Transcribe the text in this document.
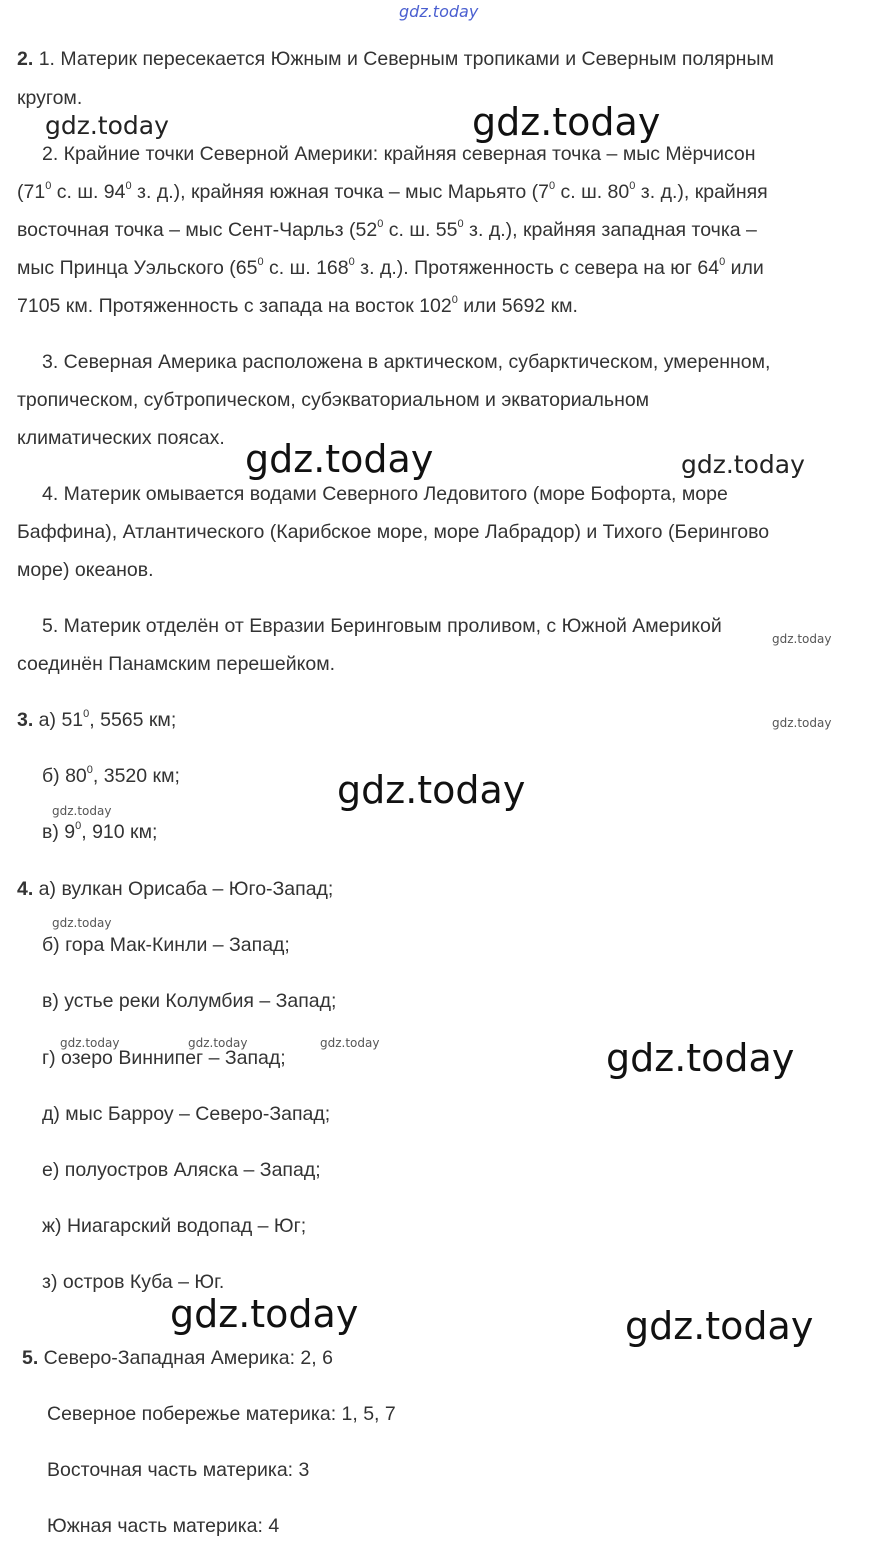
gdz.today
gdz.today	gdz.today
gdz.today	gdz.today
gdz.today
gdz.today
gdz.today
gdz.today
gdz.today
gdz.today	gdz.today	gdz.today	gdz.today
gdz.today	gdz.today
2. 1. Материк пересекается Южным и Северным тропиками и Северным полярным
кругом.
2. Крайние точки Северной Америки: крайняя северная точка – мыс Мёрчисон
($71^0$ с. ш. $94^0$ з. д.), крайняя южная точка – мыс Марьято ($7^0$ с. ш. $80^0$ з. д.), крайняя
восточная точка – мыс Сент-Чарльз ($52^0$ с. ш. $55^0$ з. д.), крайняя западная точка –
мыс Принца Уэльского ($65^0$ с. ш. $168^0$ з. д.). Протяженность с севера на юг $64^0$ или
7105 км. Протяженность с запада на восток $102^0$ или 5692 км.
3. Северная Америка расположена в арктическом, субарктическом, умеренном,
тропическом, субтропическом, субэкваториальном и экваториальном
климатических поясах.
4. Материк омывается водами Северного Ледовитого (море Бофорта, море
Баффина), Атлантического (Карибское море, море Лабрадор) и Тихого (Берингово
море) океанов.
5. Материк отделён от Евразии Беринговым проливом, с Южной Америкой
соединён Панамским перешейком.
3. а) $51^0$, 5565 км;
б) $80^0$, 3520 км;
в) $9^0$, 910 км;
4. а) вулкан Орисаба – Юго-Запад;
б) гора Мак-Кинли – Запад;
в) устье реки Колумбия – Запад;
г) озеро Виннипег – Запад;
д) мыс Барроу – Северо-Запад;
е) полуостров Аляска – Запад;
ж) Ниагарский водопад – Юг;
з) остров Куба – Юг.
5. Северо-Западная Америка: 2, 6
Северное побережье материка: 1, 5, 7
Восточная часть материка: 3
Южная часть материка: 4
